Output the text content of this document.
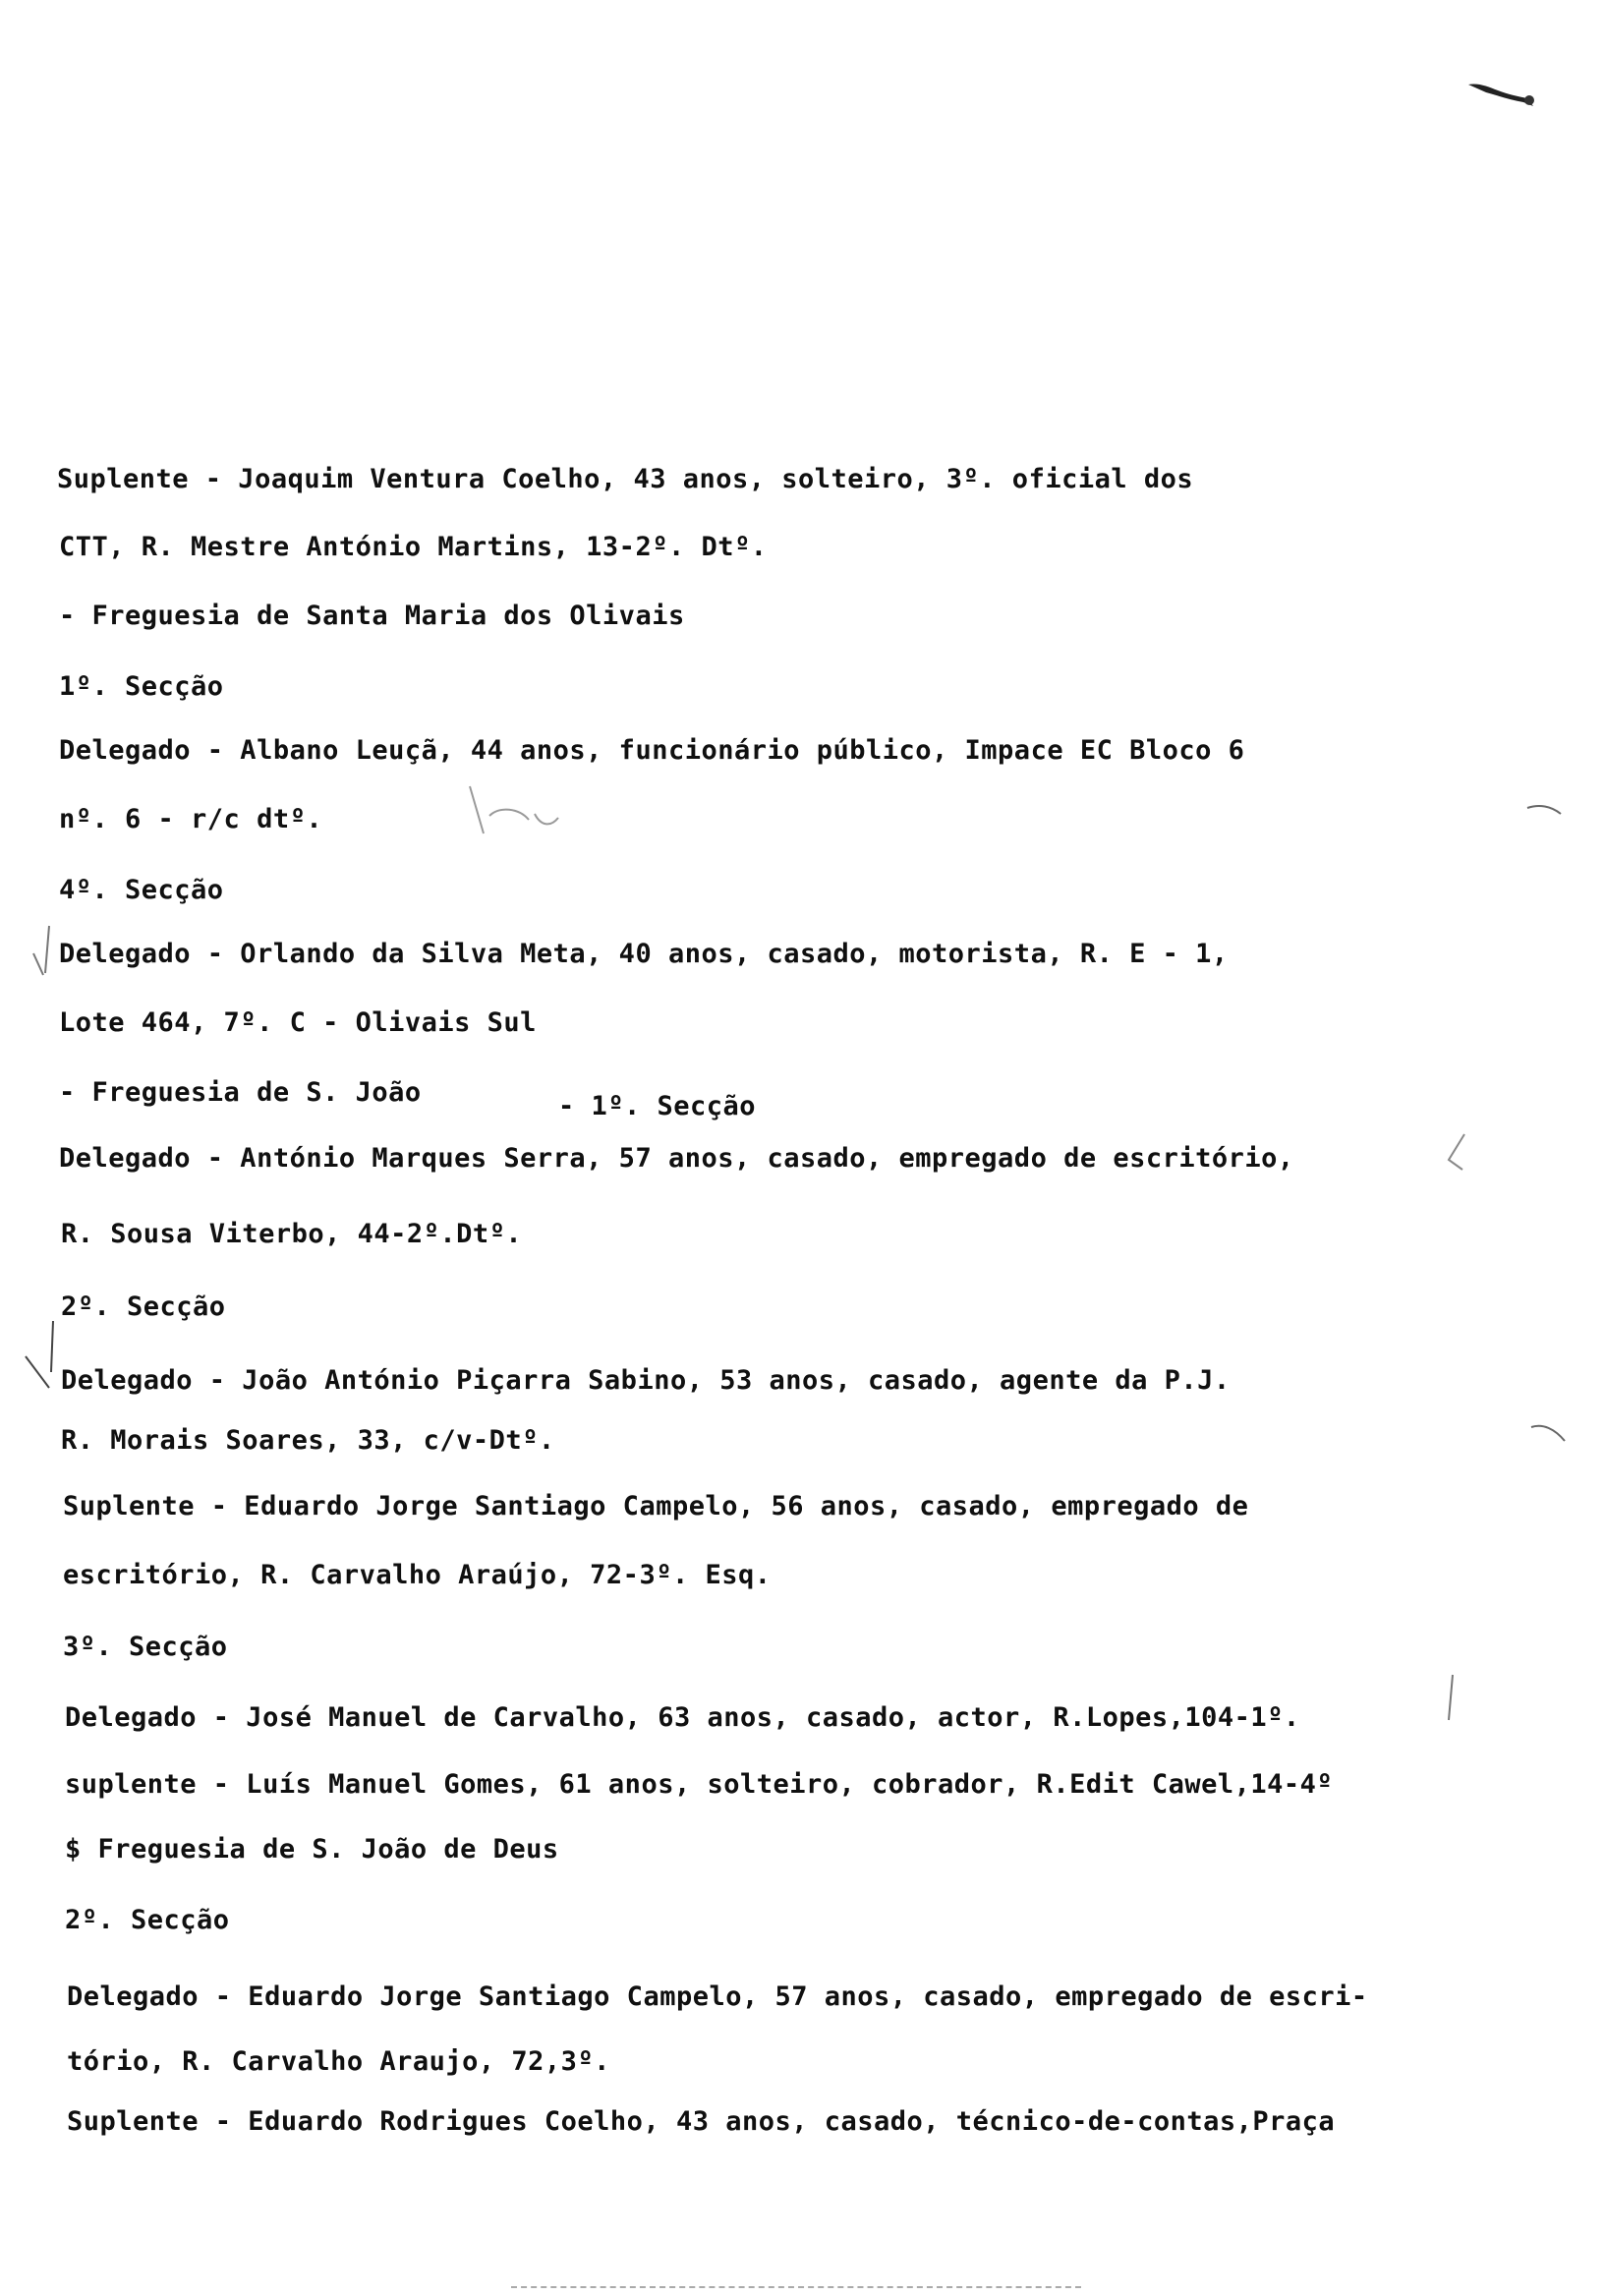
Suplente - Joaquim Ventura Coelho, 43 anos, solteiro, 3º. oficial dos
CTT, R. Mestre António Martins, 13-2º. Dtº.
- Freguesia de Santa Maria dos Olivais
1º. Secção
Delegado - Albano Leuçã, 44 anos, funcionário público, Impace EC Bloco 6
nº. 6 - r/c dtº.
4º. Secção
Delegado - Orlando da Silva Meta, 40 anos, casado, motorista, R. E - 1,
Lote 464, 7º. C - Olivais Sul
- Freguesia de S. João	- 1º. Secção
Delegado - António Marques Serra, 57 anos, casado, empregado de escritório,
R. Sousa Viterbo, 44-2º.Dtº.
2º. Secção
Delegado - João António Piçarra Sabino, 53 anos, casado, agente da P.J.
R. Morais Soares, 33, c/v-Dtº.
Suplente - Eduardo Jorge Santiago Campelo, 56 anos, casado, empregado de
escritório, R. Carvalho Araújo, 72-3º. Esq.
3º. Secção
Delegado - José Manuel de Carvalho, 63 anos, casado, actor, R.Lopes,104-1º.
suplente - Luís Manuel Gomes, 61 anos, solteiro, cobrador, R.Edit Cawel,14-4º
$ Freguesia de S. João de Deus
2º. Secção
Delegado - Eduardo Jorge Santiago Campelo, 57 anos, casado, empregado de escri-
tório, R. Carvalho Araujo, 72,3º.
Suplente - Eduardo Rodrigues Coelho, 43 anos, casado, técnico-de-contas,Praça
